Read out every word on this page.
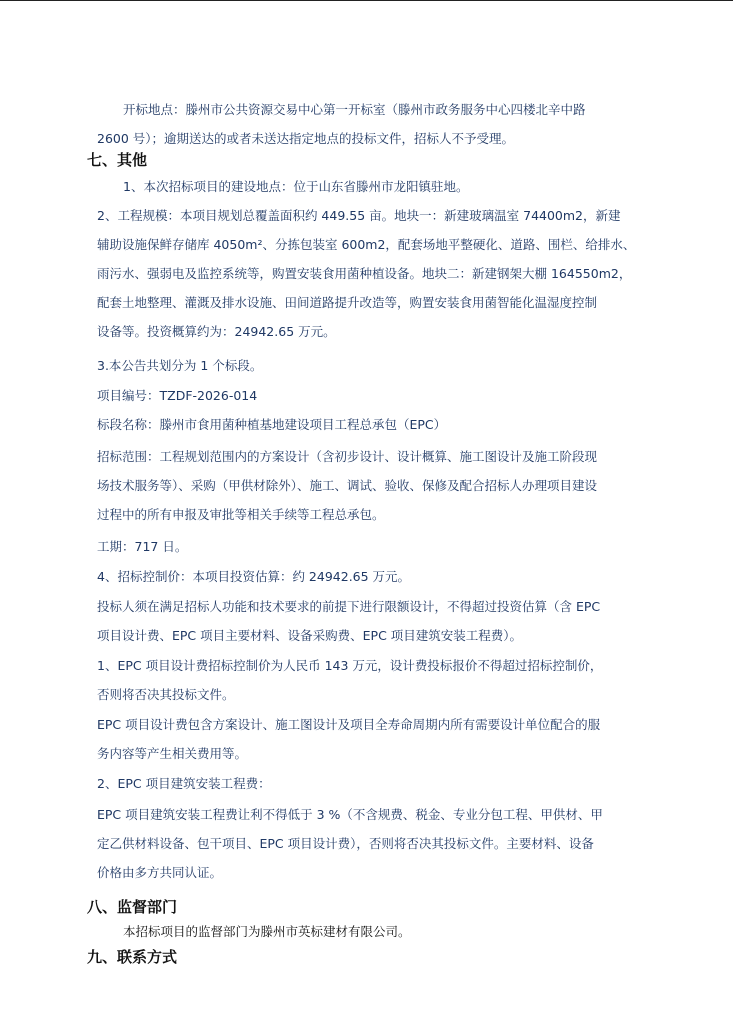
开标地点：滕州市公共资源交易中心第一开标室（滕州市政务服务中心四楼北辛中路
2600 号）；逾期送达的或者未送达指定地点的投标文件，招标人不予受理。
七、其他
1、本次招标项目的建设地点：位于山东省滕州市龙阳镇驻地。
2、工程规模：本项目规划总覆盖面积约 449.55 亩。地块一：新建玻璃温室 74400m2，新建
辅助设施保鲜存储库 4050m²、分拣包装室 600m2，配套场地平整硬化、道路、围栏、给排水、
雨污水、强弱电及监控系统等，购置安装食用菌种植设备。地块二：新建钢架大棚 164550m2，
配套土地整理、灌溉及排水设施、田间道路提升改造等，购置安装食用菌智能化温湿度控制
设备等。投资概算约为：24942.65 万元。
3.本公告共划分为 1 个标段。
项目编号：TZDF-2026-014
标段名称：滕州市食用菌种植基地建设项目工程总承包（EPC）
招标范围：工程规划范围内的方案设计（含初步设计、设计概算、施工图设计及施工阶段现
场技术服务等）、采购（甲供材除外）、施工、调试、验收、保修及配合招标人办理项目建设
过程中的所有申报及审批等相关手续等工程总承包。
工期：717 日。
4、招标控制价：本项目投资估算：约 24942.65 万元。
投标人须在满足招标人功能和技术要求的前提下进行限额设计，不得超过投资估算（含 EPC
项目设计费、EPC 项目主要材料、设备采购费、EPC 项目建筑安装工程费）。
1、EPC 项目设计费招标控制价为人民币 143 万元，设计费投标报价不得超过招标控制价，
否则将否决其投标文件。
EPC 项目设计费包含方案设计、施工图设计及项目全寿命周期内所有需要设计单位配合的服
务内容等产生相关费用等。
2、EPC 项目建筑安装工程费：
EPC 项目建筑安装工程费让利不得低于 3 %（不含规费、税金、专业分包工程、甲供材、甲
定乙供材料设备、包干项目、EPC 项目设计费），否则将否决其投标文件。主要材料、设备
价格由多方共同认证。
八、监督部门
本招标项目的监督部门为滕州市英标建材有限公司。
九、联系方式
